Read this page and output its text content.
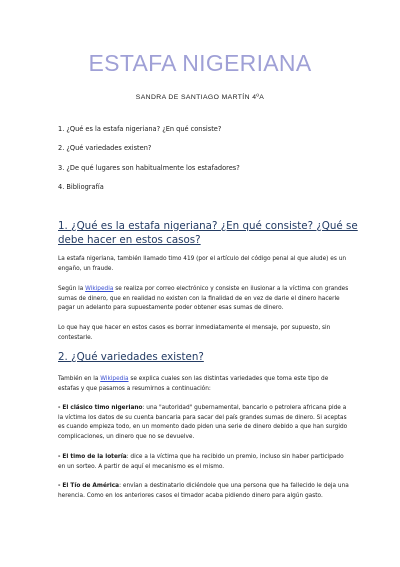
ESTAFA NIGERIANA
SANDRA DE SANTIAGO MARTÍN 4ºA
1. ¿Qué es la estafa nigeriana? ¿En qué consiste?
2. ¿Qué variedades existen?
3. ¿De qué lugares son habitualmente los estafadores?
4. Bibliografía
1. ¿Qué es la estafa nigeriana? ¿En qué consiste? ¿Qué se debe hacer en estos casos?
La estafa nigeriana, también llamado timo 419 (por el artículo del código penal al que alude) es un engaño, un fraude.
Según la Wikipedia se realiza por correo electrónico y consiste en ilusionar a la víctima con grandes sumas de dinero, que en realidad no existen con la finalidad de en vez de darle el dinero hacerle pagar un adelanto para supuestamente poder obtener esas sumas de dinero.
Lo que hay que hacer en estos casos es borrar inmediatamente el mensaje, por supuesto, sin contestarle.
2. ¿Qué variedades existen?
También en la Wikipedia se explica cuales son las distintas variedades que toma este tipo de estafas y que pasamos a resumirnos a continuación:
- El clásico timo nigeriano: una "autoridad" gubernamental, bancario o petrolera africana pide a la víctima los datos de su cuenta bancaria para sacar del país grandes sumas de dinero. Si aceptas es cuando empieza todo, en un momento dado piden una serie de dinero debido a que han surgido complicaciones, un dinero que no se devuelve.
- El timo de la lotería: dice a la víctima que ha recibido un premio, incluso sin haber participado en un sorteo. A partir de aquí el mecanismo es el mismo.
- El Tío de América: envían a destinatario diciéndole que una persona que ha fallecido le deja una herencia. Como en los anteriores casos el timador acaba pidiendo dinero para algún gasto.
